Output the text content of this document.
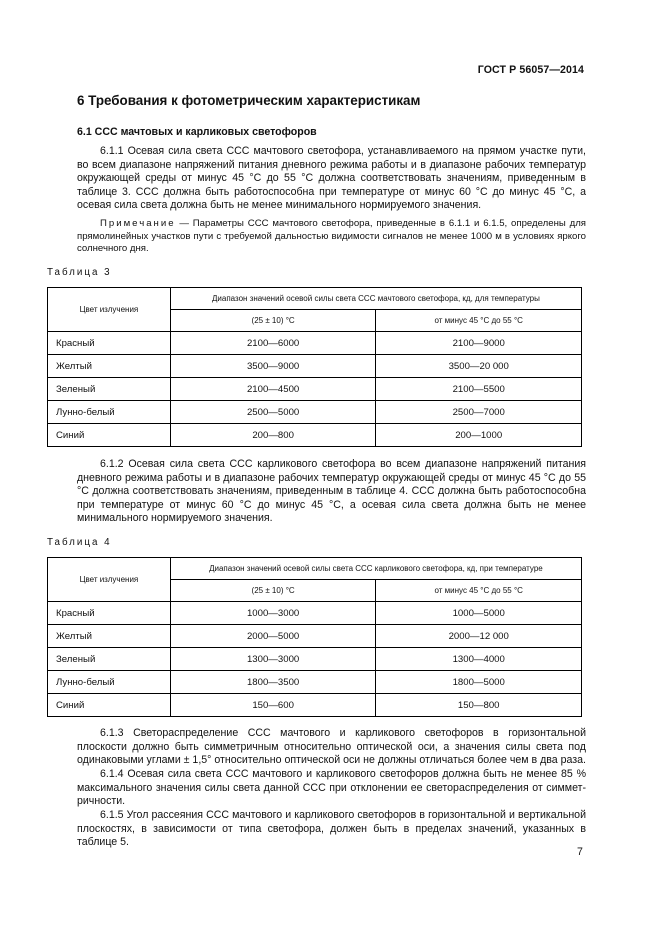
ГОСТ Р 56057—2014
6 Требования к фотометрическим характеристикам
6.1 ССС мачтовых и карликовых светофоров

6.1.1 Осевая сила света ССС мачтового светофора, устанавливаемого на прямом участке пути, во всем диапазоне напряжений питания дневного режима работы и в диапазоне рабочих температур окружающей среды от минус 45 °С до 55 °С должна соответствовать значениям, приведенным в таблице 3. ССС должна быть работоспособна при температуре от минус 60 °С до минус 45 °С, а осевая сила света должна быть не менее минимального нормируемого значения.

Примечание — Параметры ССС мачтового светофора, приведенные в 6.1.1 и 6.1.5, определены для прямолинейных участков пути с требуемой дальностью видимости сигналов не менее 1000 м в условиях яркого солнечного дня.

Таблица 3
Цвет излучения	Диапазон значений осевой силы света ССС мачтового светофора, кд, для температуры	
	(25 ± 10) °С	от минус 45 °С до 55 °С
Красный	2100—6000	2100—9000
Желтый	3500—9000	3500—20 000
Зеленый	2100—4500	2100—5500
Лунно-белый	2500—5000	2500—7000
Синий	200—800	200—1000

6.1.2 Осевая сила света ССС карликового светофора во всем диапазоне напряжений питания дневного режима работы и в диапазоне рабочих температур окружающей среды от минус 45 °С до 55 °С должна соответствовать значениям, приведенным в таблице 4. ССС должна быть работоспособна при температуре от минус 60 °С до минус 45 °С, а осевая сила света должна быть не менее минимального нормируемого значения.

Таблица 4
Цвет излучения	Диапазон значений осевой силы света ССС карликового светофора, кд, при температуре	
	(25 ± 10) °С	от минус 45 °С до 55 °С
Красный	1000—3000	1000—5000
Желтый	2000—5000	2000—12 000
Зеленый	1300—3000	1300—4000
Лунно-белый	1800—3500	1800—5000
Синий	150—600	150—800

6.1.3 Светораспределение ССС мачтового и карликового светофоров в горизонтальной плоскости должно быть симметричным относительно оптической оси, а значения силы света под одинаковыми углами ± 1,5° относительно оптической оси не должны отличаться более чем в два раза.

6.1.4 Осевая сила света ССС мачтового и карликового светофоров должна быть не менее 85 % максимального значения силы света данной ССС при отклонении ее светораспределения от симметричности.

6.1.5 Угол рассеяния ССС мачтового и карликового светофоров в горизонтальной и вертикальной плоскостях, в зависимости от типа светофора, должен быть в пределах значений, указанных в таблице 5.

7
